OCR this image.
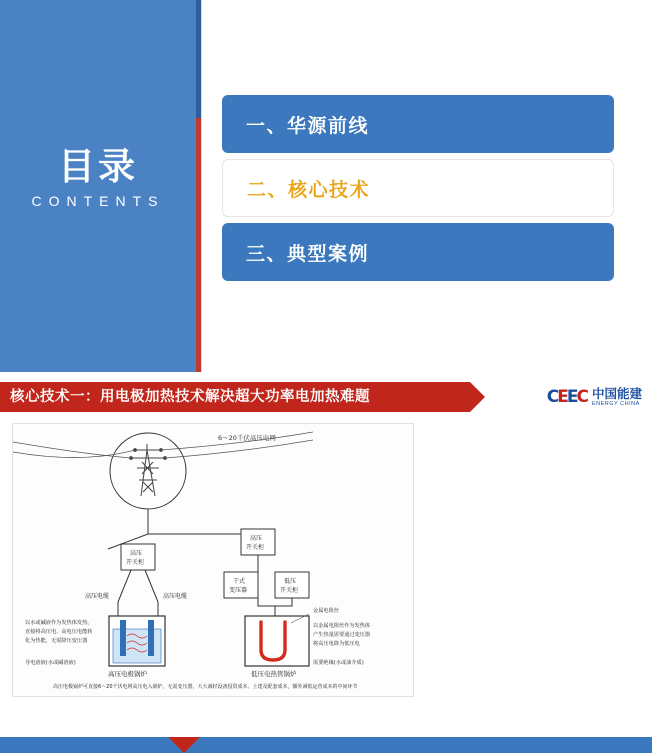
目录
CONTENTS
一、华源前线
二、核心技术
三、典型案例
核心技术一：用电极加热技术解决超大功率电加热难题	CEEC 中国能建
ENERGY CHINA
6～20千伏高压电网
高压
开关柜
高压
开关柜
干式
变压器
低压
开关柜
高压电缆	高压电缆
高压电极锅炉
以水或碱液作为发热体发热，
直接将高压电、高电压电能转
化为热能，无需降压变压器
导电溶液(水或碱溶液)
低压电热管锅炉
金属电阻丝
以金属电阻丝作为发热体
产生热量需要通过变压器
将高压电降为低压电
需要绝缘(水或油介质)
高压电极锅炉可直接6～20千伏电网高压电入锅炉，无需变压器，大大减轻设备投资成本、土建及配套成本，额外减低运营成本的中间环节
